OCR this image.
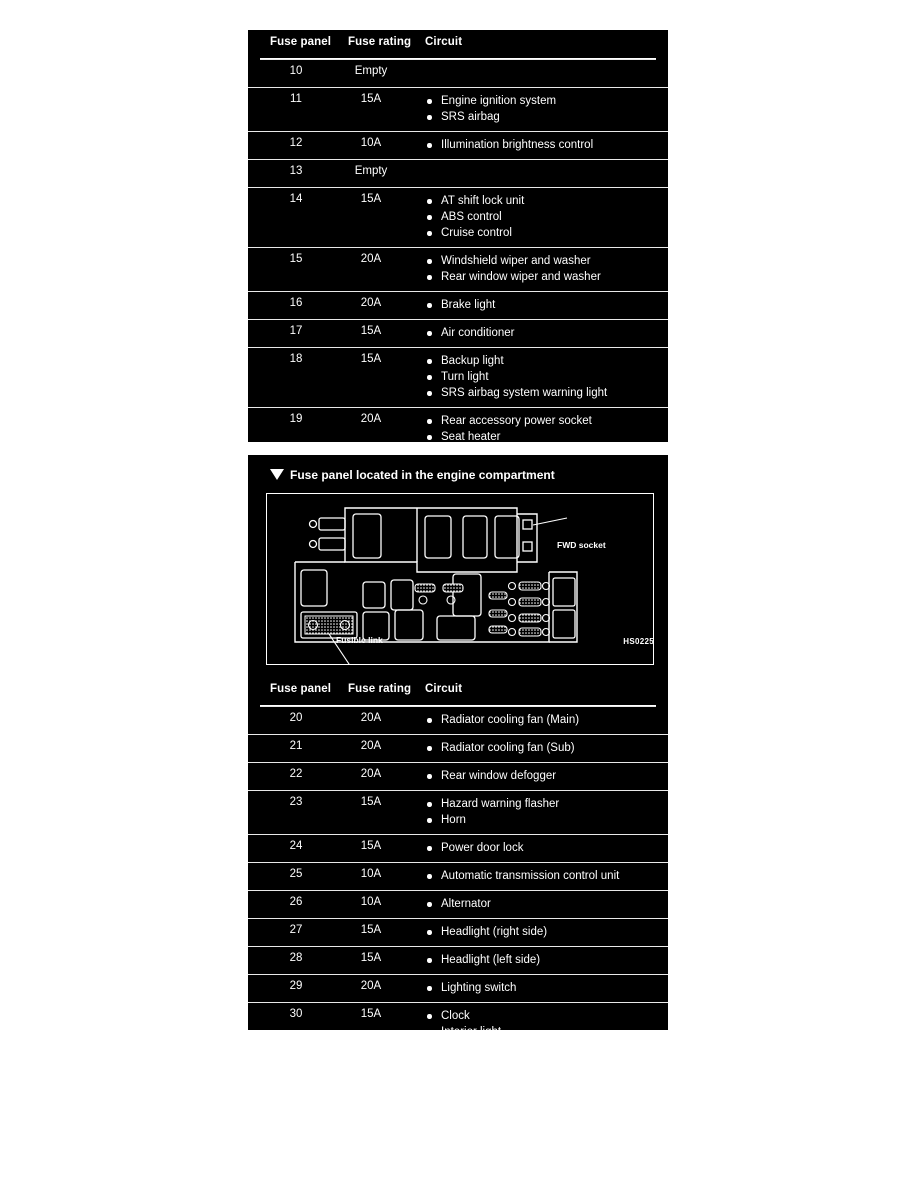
Fuse panel Fuse rating Circuit
10	Empty
11	15A	Engine ignition system
SRS airbag
12	10A	Illumination brightness control
13	Empty
14	15A	AT shift lock unit
ABS control
Cruise control
15	20A	Windshield wiper and washer
Rear window wiper and washer
16	20A	Brake light
17	15A	Air conditioner
18	15A	Backup light
Turn light
SRS airbag system warning light
19	20A	Rear accessory power socket
Seat heater
Fuse panel located in the engine compartment
FWD socket
Fusible link	HS0225
Fuse panel Fuse rating Circuit
20	20A	Radiator cooling fan (Main)
21	20A	Radiator cooling fan (Sub)
22	20A	Rear window defogger
23	15A	Hazard warning flasher
Horn
24	15A	Power door lock
25	10A	Automatic transmission control unit
26	10A	Alternator
27	15A	Headlight (right side)
28	15A	Headlight (left side)
29	20A	Lighting switch
30	15A	Clock
Interior light
